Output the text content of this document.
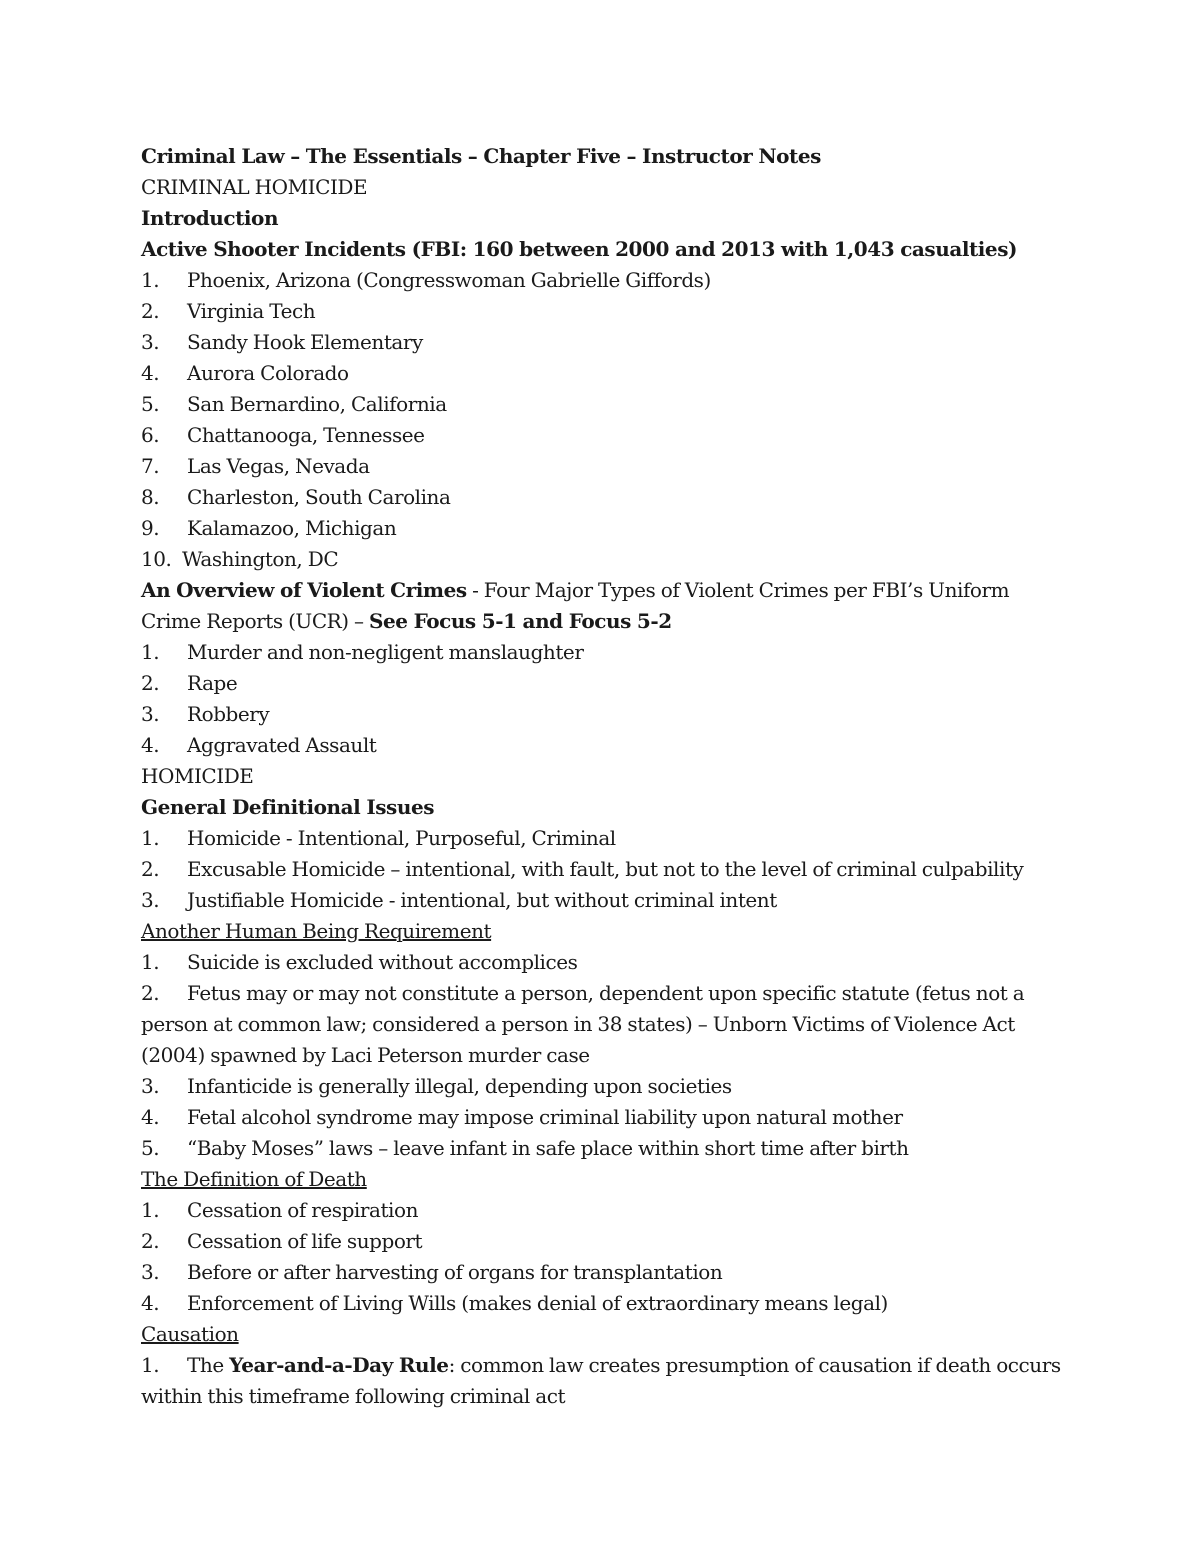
Criminal Law – The Essentials – Chapter Five – Instructor Notes

CRIMINAL HOMICIDE

Introduction

Active Shooter Incidents (FBI: 160 between 2000 and 2013 with 1,043 casualties)

1. Phoenix, Arizona (Congresswoman Gabrielle Giffords)

2. Virginia Tech

3. Sandy Hook Elementary

4. Aurora Colorado

5. San Bernardino, California

6. Chattanooga, Tennessee

7. Las Vegas, Nevada

8. Charleston, South Carolina

9. Kalamazoo, Michigan

10. Washington, DC

An Overview of Violent Crimes - Four Major Types of Violent Crimes per FBI’s Uniform Crime Reports (UCR) – See Focus 5-1 and Focus 5-2

1. Murder and non-negligent manslaughter

2. Rape

3. Robbery

4. Aggravated Assault

HOMICIDE

General Definitional Issues

1. Homicide - Intentional, Purposeful, Criminal

2. Excusable Homicide – intentional, with fault, but not to the level of criminal culpability

3. Justifiable Homicide - intentional, but without criminal intent

Another Human Being Requirement

1. Suicide is excluded without accomplices

2. Fetus may or may not constitute a person, dependent upon specific statute (fetus not a person at common law; considered a person in 38 states) – Unborn Victims of Violence Act (2004) spawned by Laci Peterson murder case

3. Infanticide is generally illegal, depending upon societies

4. Fetal alcohol syndrome may impose criminal liability upon natural mother

5. “Baby Moses” laws – leave infant in safe place within short time after birth

The Definition of Death

1. Cessation of respiration

2. Cessation of life support

3. Before or after harvesting of organs for transplantation

4. Enforcement of Living Wills (makes denial of extraordinary means legal)

Causation

1. The Year-and-a-Day Rule: common law creates presumption of causation if death occurs within this timeframe following criminal act
